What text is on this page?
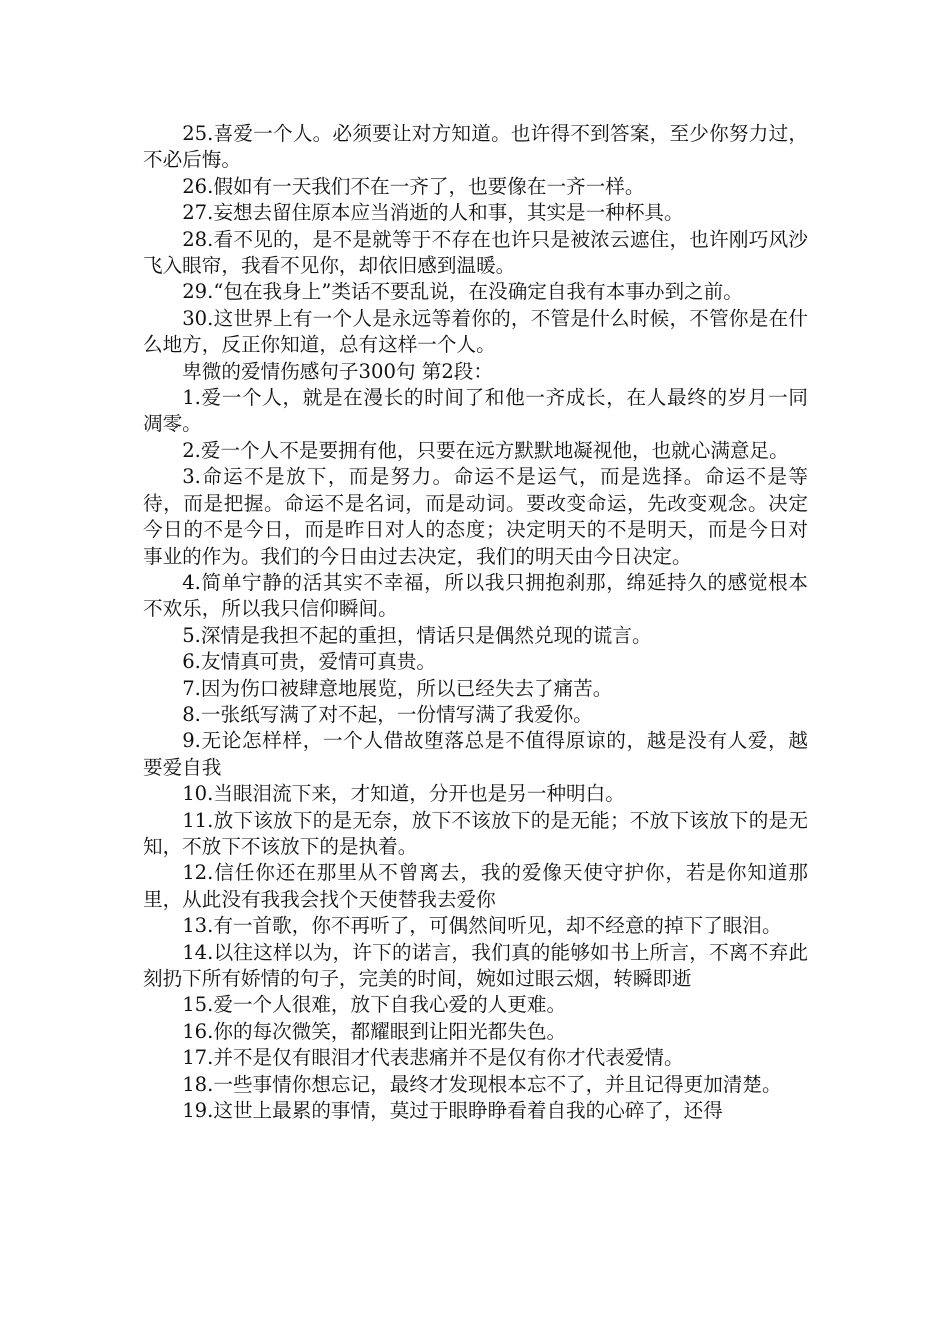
25.喜爱一个人。必须要让对方知道。也许得不到答案，至少你努力过，不必后悔。

26.假如有一天我们不在一齐了，也要像在一齐一样。

27.妄想去留住原本应当消逝的人和事，其实是一种杯具。

28.看不见的，是不是就等于不存在也许只是被浓云遮住，也许刚巧风沙飞入眼帘，我看不见你，却依旧感到温暖。

29.“包在我身上”类话不要乱说，在没确定自我有本事办到之前。

30.这世界上有一个人是永远等着你的，不管是什么时候，不管你是在什么地方，反正你知道，总有这样一个人。

卑微的爱情伤感句子300句 第2段：

1.爱一个人，就是在漫长的时间了和他一齐成长，在人最终的岁月一同凋零。

2.爱一个人不是要拥有他，只要在远方默默地凝视他，也就心满意足。

3.命运不是放下，而是努力。命运不是运气，而是选择。命运不是等待，而是把握。命运不是名词，而是动词。要改变命运，先改变观念。决定今日的不是今日，而是昨日对人的态度；决定明天的不是明天，而是今日对事业的作为。我们的今日由过去决定，我们的明天由今日决定。

4.简单宁静的活其实不幸福，所以我只拥抱刹那，绵延持久的感觉根本不欢乐，所以我只信仰瞬间。

5.深情是我担不起的重担，情话只是偶然兑现的谎言。

6.友情真可贵，爱情可真贵。

7.因为伤口被肆意地展览，所以已经失去了痛苦。

8.一张纸写满了对不起，一份情写满了我爱你。

9.无论怎样样，一个人借故堕落总是不值得原谅的，越是没有人爱，越要爱自我

10.当眼泪流下来，才知道，分开也是另一种明白。

11.放下该放下的是无奈，放下不该放下的是无能；不放下该放下的是无知，不放下不该放下的是执着。

12.信任你还在那里从不曾离去，我的爱像天使守护你，若是你知道那里，从此没有我我会找个天使替我去爱你

13.有一首歌，你不再听了，可偶然间听见，却不经意的掉下了眼泪。

14.以往这样以为，许下的诺言，我们真的能够如书上所言，不离不弃此刻扔下所有娇情的句子，完美的时间，婉如过眼云烟，转瞬即逝

15.爱一个人很难，放下自我心爱的人更难。

16.你的每次微笑，都耀眼到让阳光都失色。

17.并不是仅有眼泪才代表悲痛并不是仅有你才代表爱情。

18.一些事情你想忘记，最终才发现根本忘不了，并且记得更加清楚。

19.这世上最累的事情，莫过于眼睁睁看着自我的心碎了，还得
